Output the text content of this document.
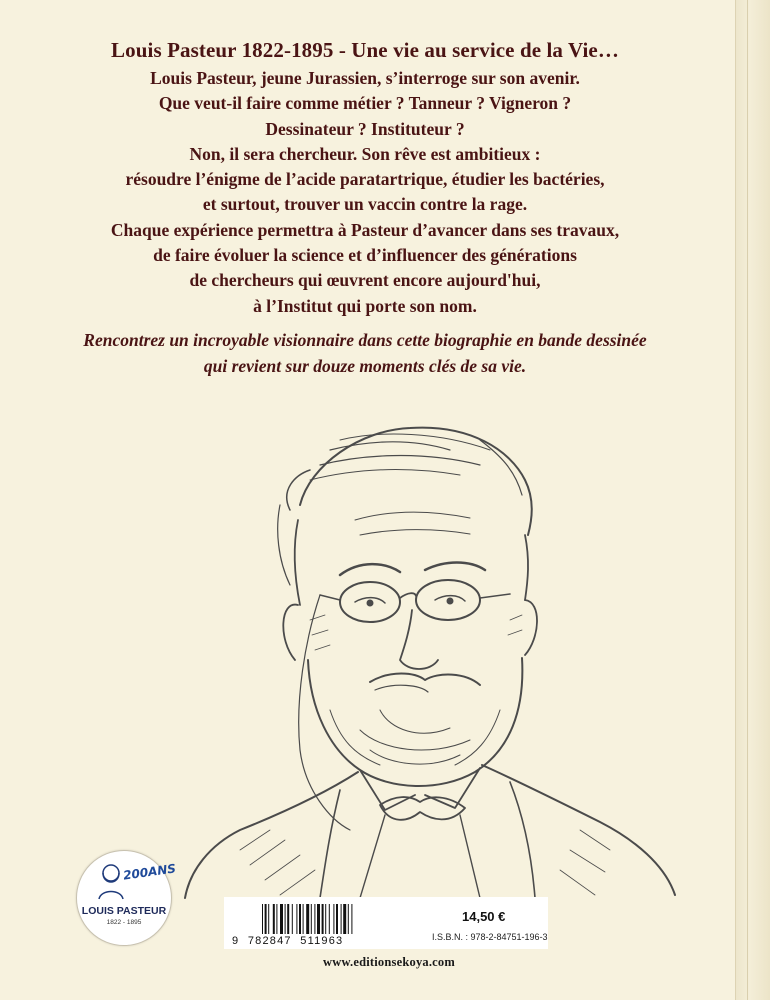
Louis Pasteur 1822-1895 - Une vie au service de la Vie…
Louis Pasteur, jeune Jurassien, s’interroge sur son avenir.
Que veut-il faire comme métier ? Tanneur ? Vigneron ?
Dessinateur ? Instituteur ?
Non, il sera chercheur. Son rêve est ambitieux :
résoudre l’énigme de l’acide paratartrique, étudier les bactéries,
et surtout, trouver un vaccin contre la rage.
Chaque expérience permettra à Pasteur d’avancer dans ses travaux,
de faire évoluer la science et d’influencer des générations
de chercheurs qui œuvrent encore aujourd'hui,
à l’Institut qui porte son nom.
Rencontrez un incroyable visionnaire dans cette biographie en bande dessinée
qui revient sur douze moments clés de sa vie.
200ANS
LOUIS PASTEUR
1822 - 1895
9  782847  511963
14,50 €
I.S.B.N. : 978-2-84751-196-3
www.editionsekoya.com
